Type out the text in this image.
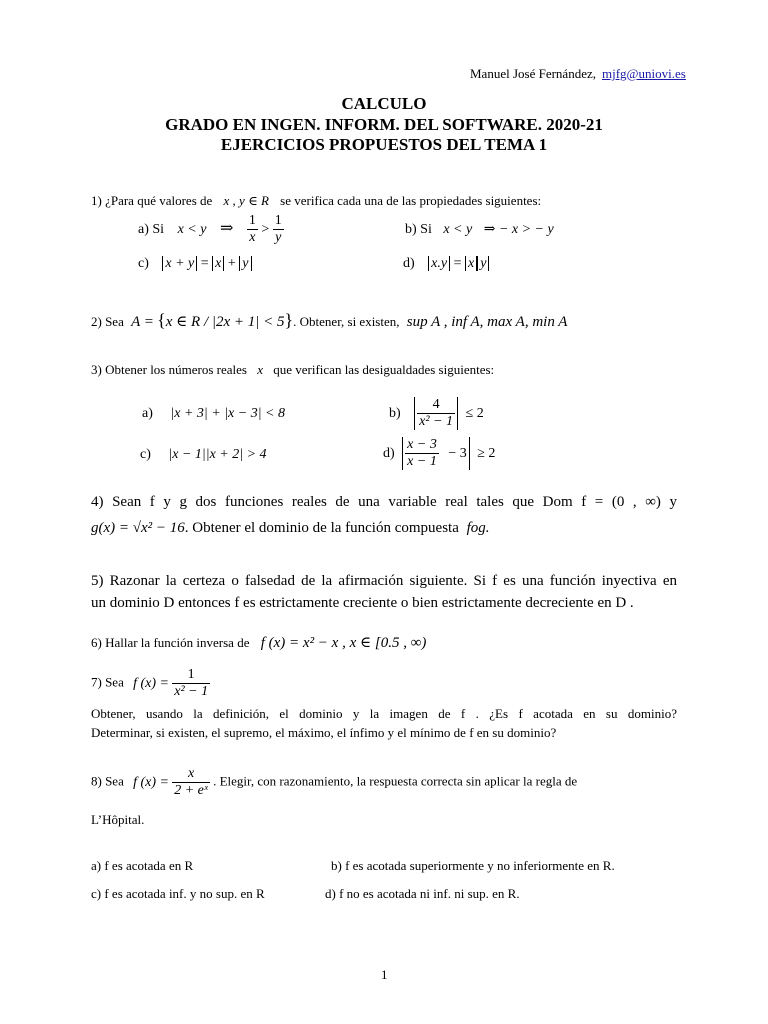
Manuel José Fernández, mjfg@uniovi.es
CALCULO
GRADO EN INGEN. INFORM. DEL SOFTWARE. 2020-21
EJERCICIOS PROPUESTOS DEL TEMA 1
1) ¿Para qué valores de x , y ∈ R se verifica cada una de las propiedades siguientes:
a) Si x < y ⇒ $\frac{1}{x} > \frac{1}{y}$	b) Si x < y ⇒ − x > − y
c) x + y = x + y	d) x.y = x y
2) Sea A = {x ∈ R / |2x + 1| < 5}. Obtener, si existen, sup A , inf A, max A, min A
3) Obtener los números reales x que verifican las desigualdades siguientes:
a) |x + 3| + |x − 3| < 8	$b) \frac{4}{\text{x² − 1}} \le 2$
c) |x − 1||x + 2| > 4	$d) \frac{x - 3}{x - 1} - 3 \ge 2$
4) Sean f y g dos funciones reales de una variable real tales que Dom f = (0 , ∞) y
g(x) = √x² − 16. Obtener el dominio de la función compuesta fog.
5) Razonar la certeza o falsedad de la afirmación siguiente. Si f es una función inyectiva en
un dominio D entonces f es estrictamente creciente o bien estrictamente decreciente en D .
6) Hallar la función inversa de f (x) = x² − x , x ∈ [0.5 , ∞)
7) Sea f $(x) = \frac{1}{\text{x² − 1}}$
Obtener, usando la definición, el dominio y la imagen de f . ¿Es f acotada en su dominio?
Determinar, si existen, el supremo, el máximo, el ínfimo y el mínimo de f en su dominio?
8) Sea f $(x) = \frac{x}{\text{2 + eˣ}}$ . Elegir, con razonamiento, la respuesta correcta sin aplicar la regla de
L’Hôpital.
a) f es acotada en R	b) f es acotada superiormente y no inferiormente en R.
c) f es acotada inf. y no sup. en R	d) f no es acotada ni inf. ni sup. en R.
1
